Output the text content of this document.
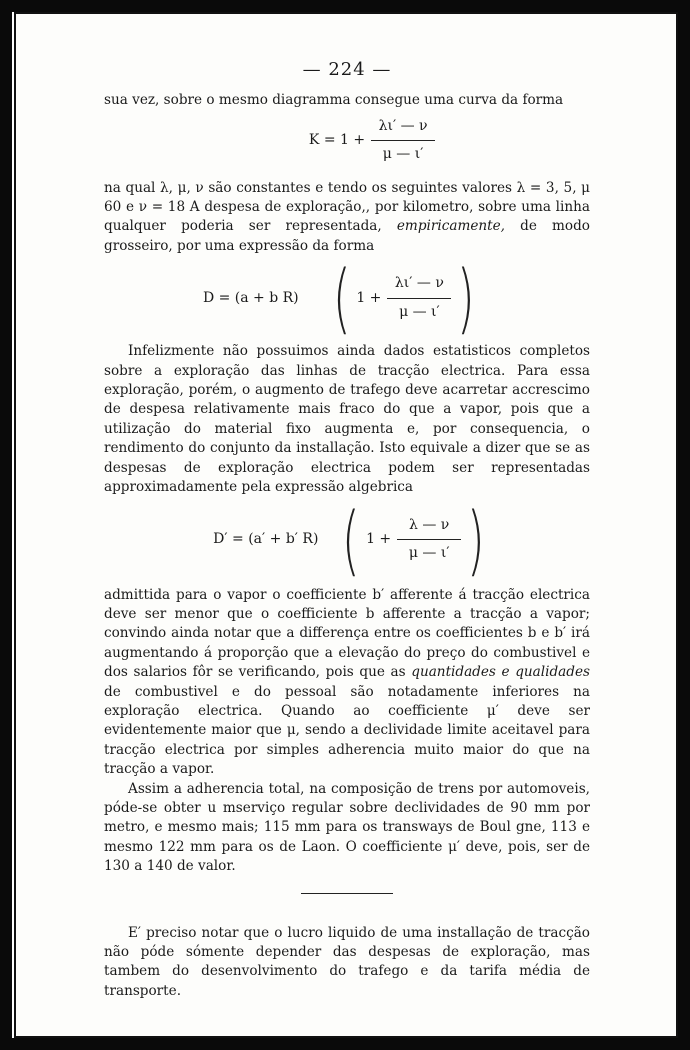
— 224 —

sua vez, sobre o mesmo diagramma consegue uma curva da forma

$K = 1 + \frac{\lambda\iota' — \nu}{\mu — \iota'}$

na qual λ, μ, ν são constantes e tendo os seguintes valores λ = 3, 5, μ 60 e ν = 18 A despesa de exploração,, por kilometro, sobre uma linha qualquer poderia ser representada, empiricamente, de modo grosseiro, por uma expressão da forma

D = (a + b R) ( $1 + \frac{\lambda\iota' — \nu}{\mu — \iota'}$ )

Infelizmente não possuimos ainda dados estatisticos completos sobre a exploração das linhas de tracção electrica. Para essa exploração, porém, o augmento de trafego deve acarretar accrescimo de despesa relativamente mais fraco do que a vapor, pois que a utilização do material fixo augmenta e, por consequencia, o rendimento do conjunto da installação. Isto equivale a dizer que se as despesas de exploração electrica podem ser representadas approximadamente pela expressão algebrica

D′ = (a′ + b′ R) ( $1 + \frac{\lambda — \nu}{\mu — \iota'}$ )

admittida para o vapor o coefficiente b′ afferente á tracção electrica deve ser menor que o coefficiente b afferente a tracção a vapor; convindo ainda notar que a differença entre os coefficientes b e b′ irá augmentando á proporção que a elevação do preço do combustivel e dos salarios fôr se verificando, pois que as quantidades e qualidades de combustivel e do pessoal são notadamente inferiores na exploração electrica. Quando ao coefficiente μ′ deve ser evidentemente maior que μ, sendo a declividade limite aceitavel para tracção electrica por simples adherencia muito maior do que na tracção a vapor.

Assim a adherencia total, na composição de trens por automoveis, póde-se obter u mserviço regular sobre declividades de 90 mm por metro, e mesmo mais; 115 mm para os transways de Boul gne, 113 e mesmo 122 mm para os de Laon. O coefficiente μ′ deve, pois, ser de 130 a 140 de valor.

E′ preciso notar que o lucro liquido de uma installação de tracção não póde sómente depender das despesas de exploração, mas tambem do desenvolvimento do trafego e da tarifa média de transporte.
